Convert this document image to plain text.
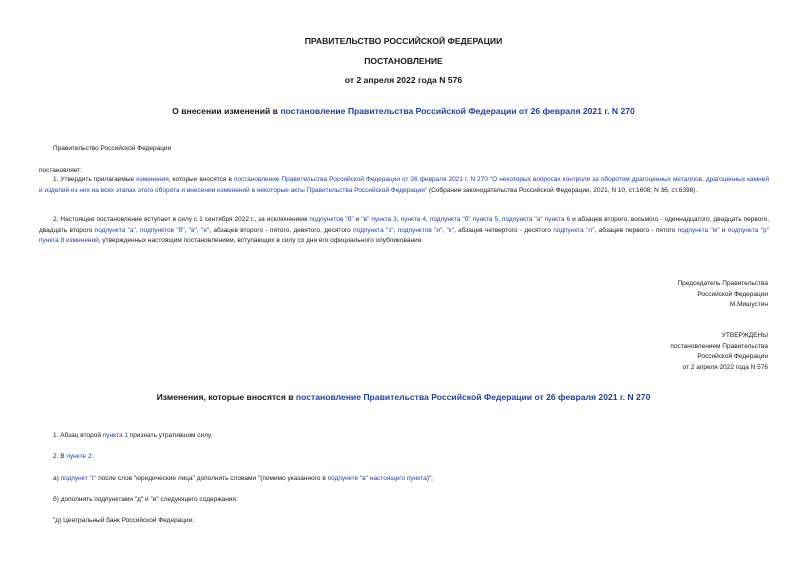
ПРАВИТЕЛЬСТВО РОССИЙСКОЙ ФЕДЕРАЦИИ
ПОСТАНОВЛЕНИЕ
от 2 апреля 2022 года N 576
О внесении изменений в постановление Правительства Российской Федерации от 26 февраля 2021 г. N 270
Правительство Российской Федерации
постановляет:
1. Утвердить прилагаемые изменения, которые вносятся в постановление Правительства Российской Федерации от 26 февраля 2021 г. N 270 "О некоторых вопросах контроля за оборотом драгоценных металлов, драгоценных камней и изделий из них на всех этапах этого оборота и внесении изменений в некоторые акты Правительства Российской Федерации" (Собрание законодательства Российской Федерации, 2021, N 10, ст.1608; N 36, ст.6398).
2. Настоящее постановление вступает в силу с 1 сентября 2022 г., за исключением подпунктов "б" и "в" пункта 3, пункта 4, подпункта "б" пункта 5, подпункта "а" пункта 6 и абзацев второго, восьмого - одиннадцатого, двадцать первого, двадцать второго подпункта "а", подпунктов "б", "в", "е", абзацев второго - пятого, девятого, десятого подпункта "з", подпунктов "и", "к", абзацев четвертого - десятого подпункта "л", абзацев первого - пятого подпункта "м" и подпункта "р" пункта 8 изменений, утвержденных настоящим постановлением, вступающих в силу со дня его официального опубликования.
Председатель Правительства
Российской Федерации
М.Мишустин
УТВЕРЖДЕНЫ
постановлением Правительства
Российской Федерации
от 2 апреля 2022 года N 576
Изменения, которые вносятся в постановление Правительства Российской Федерации от 26 февраля 2021 г. N 270
1. Абзац второй пункта 1 признать утратившим силу.
2. В пункте 2:
а) подпункт "г" после слов "юридические лица" дополнить словами "(помимо указанного в подпункте "в" настоящего пункта)";
б) дополнить подпунктами "д" и "е" следующего содержания:
"д) Центральный банк Российской Федерации;
